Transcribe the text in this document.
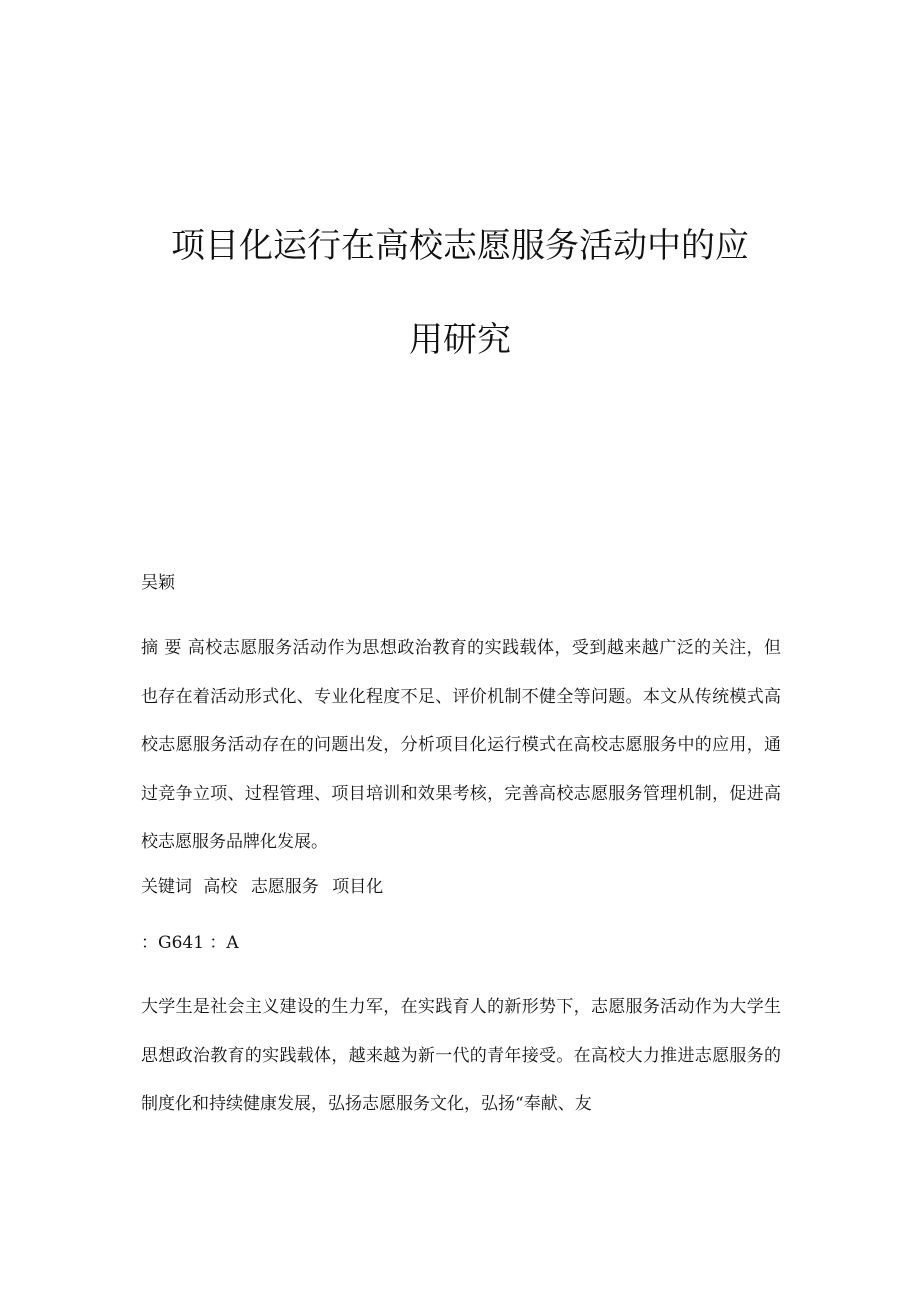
项目化运行在高校志愿服务活动中的应
用研究
吴颖

摘 要 高校志愿服务活动作为思想政治教育的实践载体，受到越来越广泛的关注，但也存在着活动形式化、专业化程度不足、评价机制不健全等问题。本文从传统模式高校志愿服务活动存在的问题出发，分析项目化运行模式在高校志愿服务中的应用，通过竞争立项、过程管理、项目培训和效果考核，完善高校志愿服务管理机制，促进高校志愿服务品牌化发展。

关键词 高校 志愿服务 项目化
：G641 ：A

大学生是社会主义建设的生力军，在实践育人的新形势下，志愿服务活动作为大学生思想政治教育的实践载体，越来越为新一代的青年接受。在高校大力推进志愿服务的制度化和持续健康发展，弘扬志愿服务文化，弘扬“奉献、友
